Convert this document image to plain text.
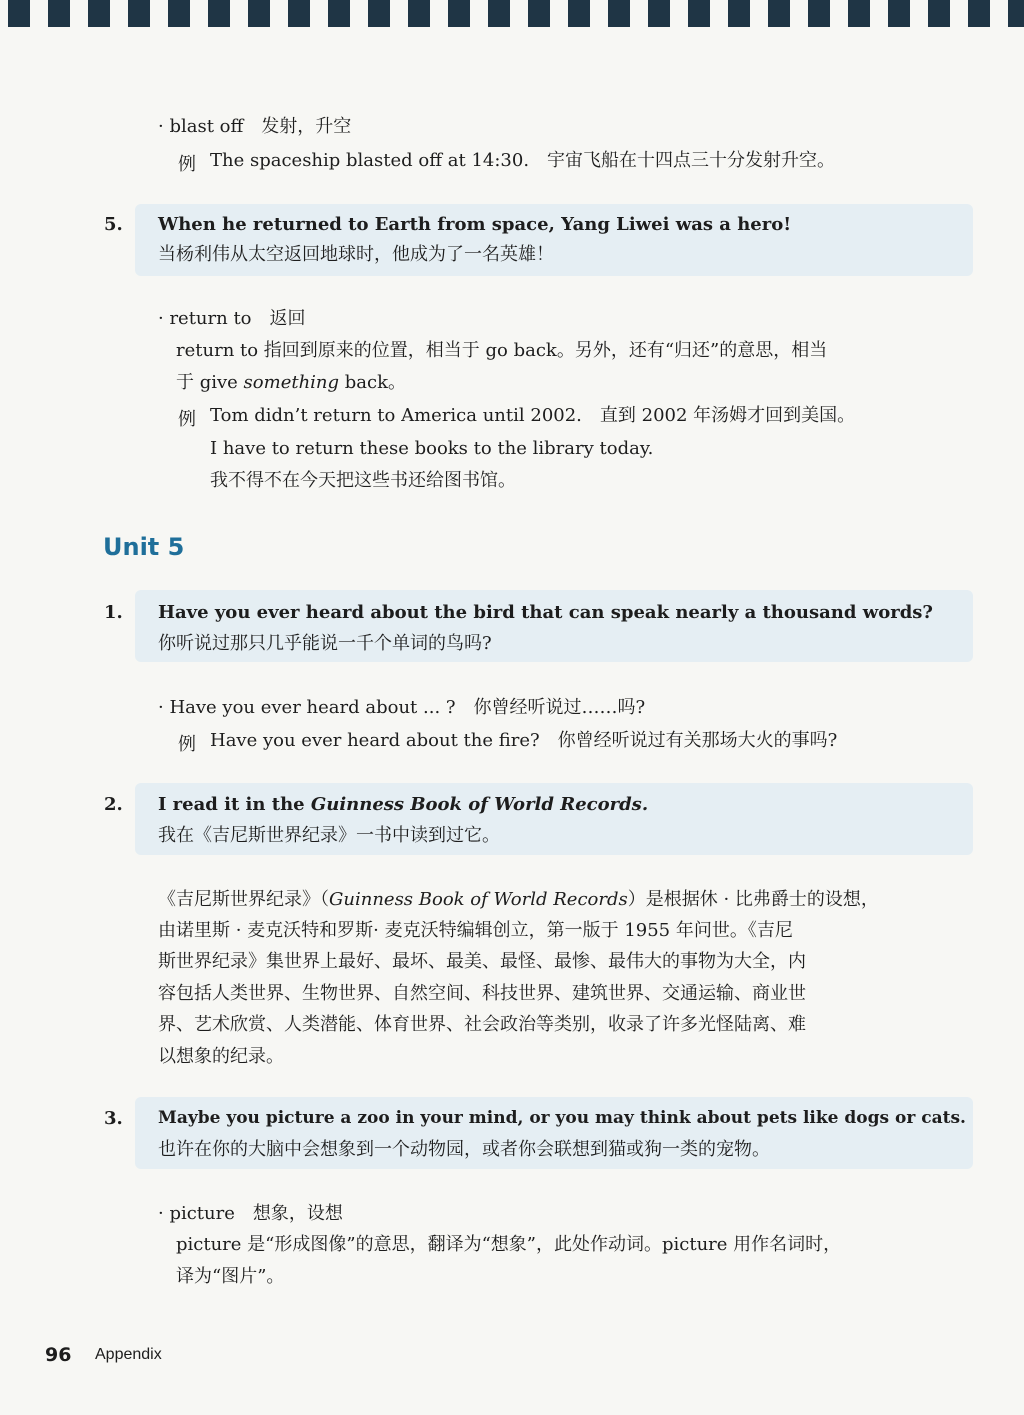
· blast off　发射，升空
例 The spaceship blasted off at 14:30.　宇宙飞船在十四点三十分发射升空。
5. When he returned to Earth from space, Yang Liwei was a hero!
当杨利伟从太空返回地球时，他成为了一名英雄！
· return to　返回
return to 指回到原来的位置，相当于 go back。另外，还有“归还”的意思，相当
于 give something back。
例 Tom didn’t return to America until 2002.　直到 2002 年汤姆才回到美国。
I have to return these books to the library today.
我不得不在今天把这些书还给图书馆。
Unit 5
1. Have you ever heard about the bird that can speak nearly a thousand words?
你听说过那只几乎能说一千个单词的鸟吗?
· Have you ever heard about ... ?　你曾经听说过……吗?
例 Have you ever heard about the fire?　你曾经听说过有关那场大火的事吗?
2. I read it in the Guinness Book of World Records.
我在《吉尼斯世界纪录》一书中读到过它。
《吉尼斯世界纪录》（Guinness Book of World Records）是根据休 · 比弗爵士的设想，
由诺里斯 · 麦克沃特和罗斯· 麦克沃特编辑创立，第一版于 1955 年问世。《吉尼
斯世界纪录》集世界上最好、最坏、最美、最怪、最惨、最伟大的事物为大全，内
容包括人类世界、生物世界、自然空间、科技世界、建筑世界、交通运输、商业世
界、艺术欣赏、人类潜能、体育世界、社会政治等类别，收录了许多光怪陆离、难
以想象的纪录。
3. Maybe you picture a zoo in your mind, or you may think about pets like dogs or cats.
也许在你的大脑中会想象到一个动物园，或者你会联想到猫或狗一类的宠物。
· picture　想象，设想
picture 是“形成图像”的意思，翻译为“想象”，此处作动词。picture 用作名词时，
译为“图片”。
96 Appendix
